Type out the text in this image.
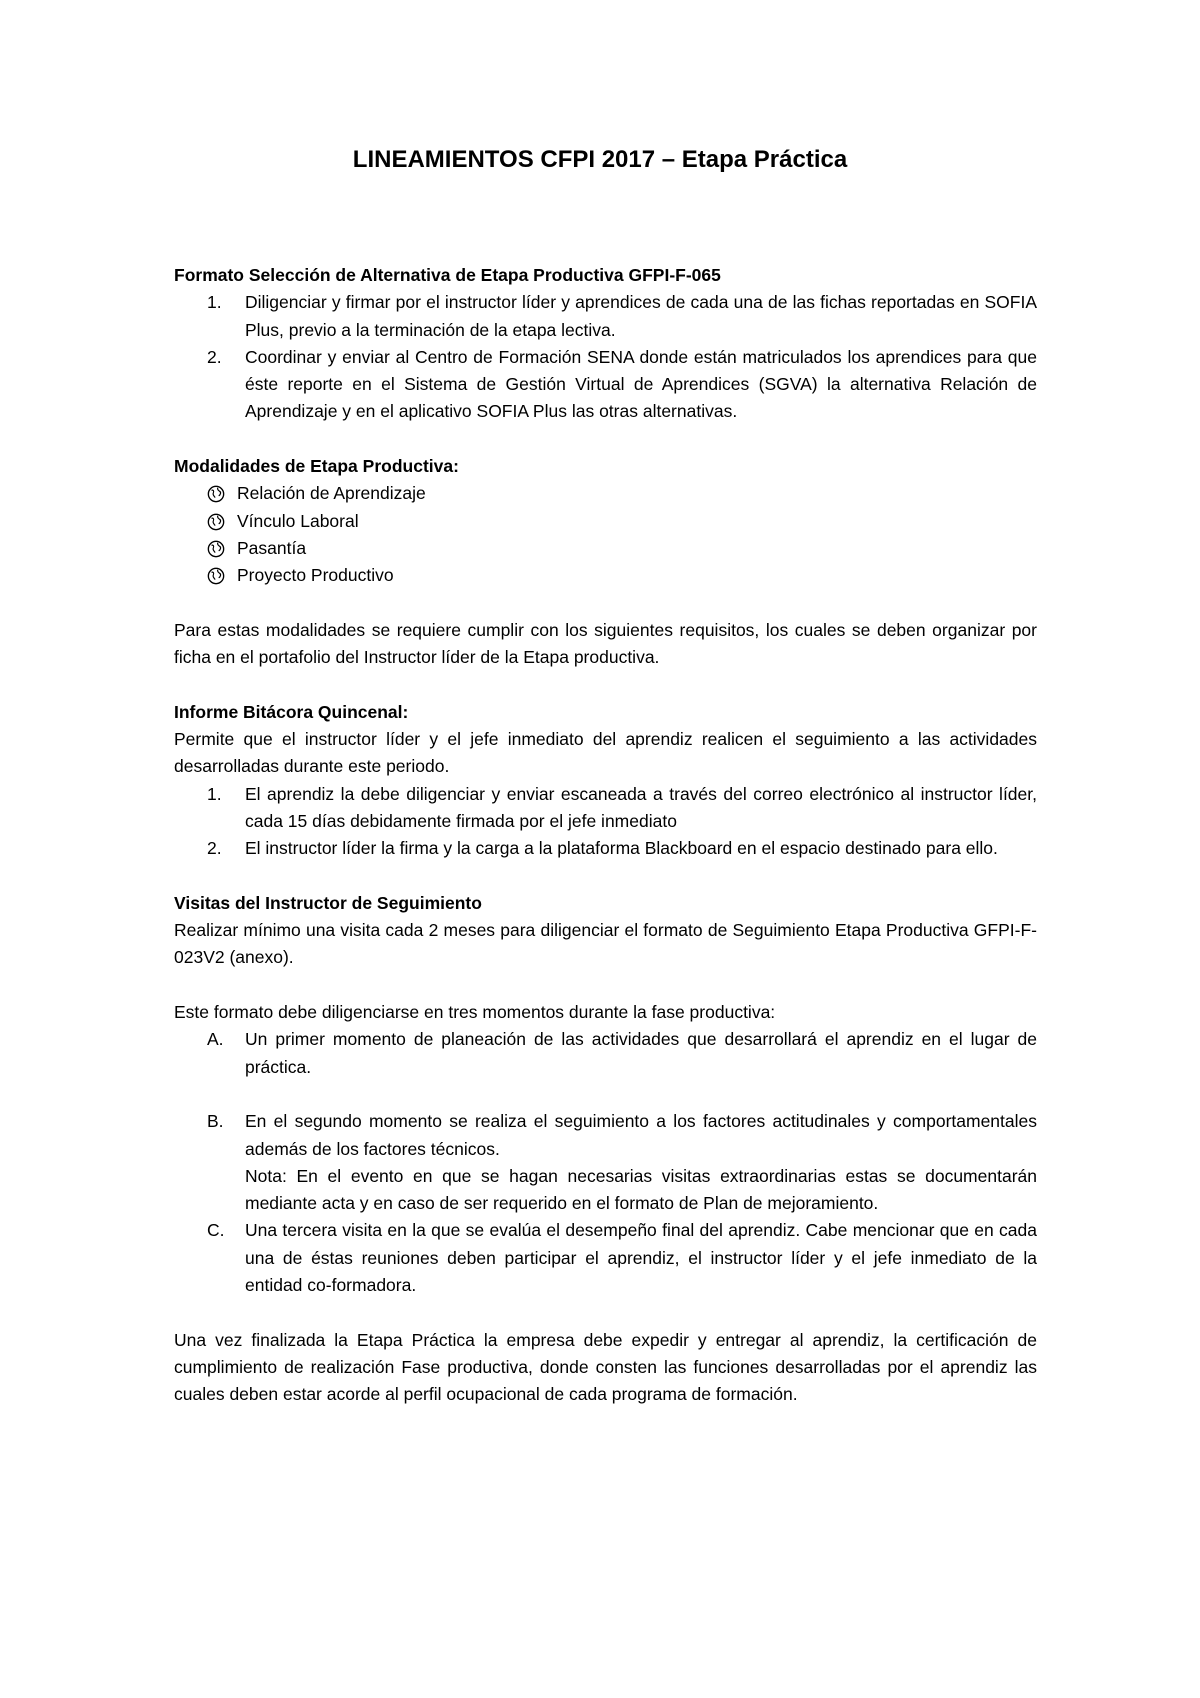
LINEAMIENTOS CFPI 2017 – Etapa Práctica

Formato Selección de Alternativa de Etapa Productiva GFPI-F-065

1. Diligenciar y firmar por el instructor líder y aprendices de cada una de las fichas reportadas en SOFIA Plus, previo a la terminación de la etapa lectiva.
2. Coordinar y enviar al Centro de Formación SENA donde están matriculados los aprendices para que éste reporte en el Sistema de Gestión Virtual de Aprendices (SGVA) la alternativa Relación de Aprendizaje y en el aplicativo SOFIA Plus las otras alternativas.

Modalidades de Etapa Productiva:

Relación de Aprendizaje
Vínculo Laboral
Pasantía
Proyecto Productivo

Para estas modalidades se requiere cumplir con los siguientes requisitos, los cuales se deben organizar por ficha en el portafolio del Instructor líder de la Etapa productiva.

Informe Bitácora Quincenal:

Permite que el instructor líder y el jefe inmediato del aprendiz realicen el seguimiento a las actividades desarrolladas durante este periodo.

1. El aprendiz la debe diligenciar y enviar escaneada a través del correo electrónico al instructor líder, cada 15 días debidamente firmada por el jefe inmediato
2. El instructor líder la firma y la carga a la plataforma Blackboard en el espacio destinado para ello.

Visitas del Instructor de Seguimiento

Realizar mínimo una visita cada 2 meses para diligenciar el formato de Seguimiento Etapa Productiva GFPI-F-023V2 (anexo).

Este formato debe diligenciarse en tres momentos durante la fase productiva:

A. Un primer momento de planeación de las actividades que desarrollará el aprendiz en el lugar de práctica.
B. En el segundo momento se realiza el seguimiento a los factores actitudinales y comportamentales además de los factores técnicos.
Nota: En el evento en que se hagan necesarias visitas extraordinarias estas se documentarán mediante acta y en caso de ser requerido en el formato de Plan de mejoramiento.
C. Una tercera visita en la que se evalúa el desempeño final del aprendiz. Cabe mencionar que en cada una de éstas reuniones deben participar el aprendiz, el instructor líder y el jefe inmediato de la entidad co-formadora.

Una vez finalizada la Etapa Práctica la empresa debe expedir y entregar al aprendiz, la certificación de cumplimiento de realización Fase productiva, donde consten las funciones desarrolladas por el aprendiz las cuales deben estar acorde al perfil ocupacional de cada programa de formación.
